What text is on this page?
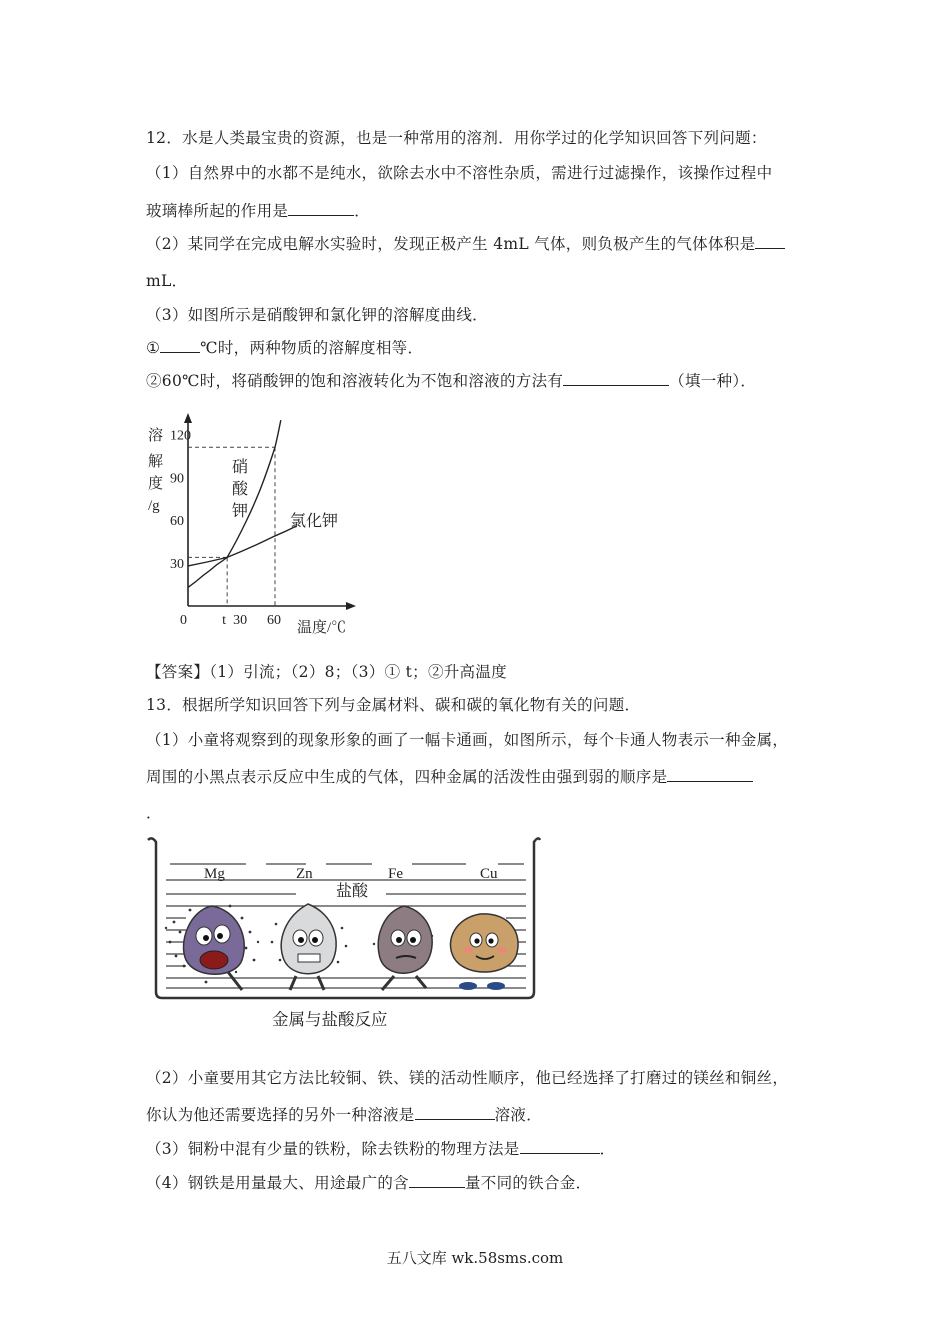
12．水是人类最宝贵的资源，也是一种常用的溶剂．用你学过的化学知识回答下列问题：
（1）自然界中的水都不是纯水，欲除去水中不溶性杂质，需进行过滤操作，该操作过程中
玻璃棒所起的作用是	．
（2）某同学在完成电解水实验时，发现正极产生 4mL 气体，则负极产生的气体体积是
mL．
（3）如图所示是硝酸钾和氯化钾的溶解度曲线．
①	℃时，两种物质的溶解度相等．
②60℃时，将硝酸钾的饱和溶液转化为不饱和溶液的方法有	（填一种）．
溶
解
度
/g
120
90
60
30
0	t 30 60 温度/℃
硝
酸
钾
氯化钾
【答案】（1）引流；（2）8；（3）① t；②升高温度
13．根据所学知识回答下列与金属材料、碳和碳的氧化物有关的问题．
（1）小童将观察到的现象形象的画了一幅卡通画，如图所示，每个卡通人物表示一种金属，
周围的小黑点表示反应中生成的气体，四种金属的活泼性由强到弱的顺序是
．
Mg	Zn	Fe	Cu
盐酸
金属与盐酸反应
（2）小童要用其它方法比较铜、铁、镁的活动性顺序，他已经选择了打磨过的镁丝和铜丝，
你认为他还需要选择的另外一种溶液是	溶液．
（3）铜粉中混有少量的铁粉，除去铁粉的物理方法是	．
（4）钢铁是用量最大、用途最广的含	量不同的铁合金．
五八文库 wk.58sms.com
